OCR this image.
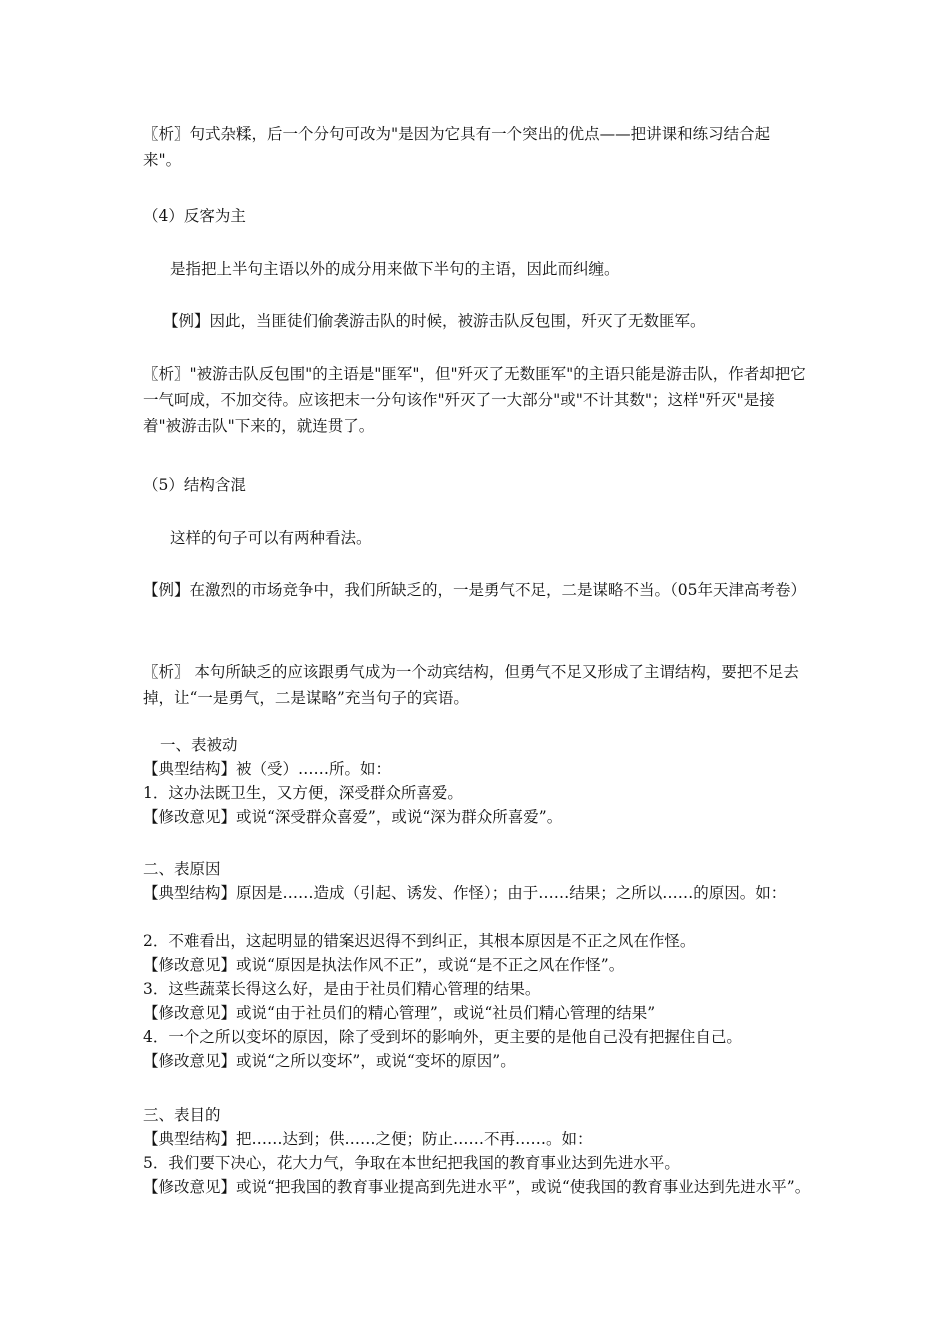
〖析〗句式杂糅，后一个分句可改为"是因为它具有一个突出的优点——把讲课和练习结合起来"。

（4）反客为主

是指把上半句主语以外的成分用来做下半句的主语，因此而纠缠。

【例】因此，当匪徒们偷袭游击队的时候，被游击队反包围，歼灭了无数匪军。

〖析〗"被游击队反包围"的主语是"匪军"，但"歼灭了无数匪军"的主语只能是游击队，作者却把它一气呵成，不加交待。应该把末一分句该作"歼灭了一大部分"或"不计其数"；这样"歼灭"是接着"被游击队"下来的，就连贯了。

（5）结构含混

这样的句子可以有两种看法。

【例】在激烈的市场竞争中，我们所缺乏的，一是勇气不足，二是谋略不当。（05年天津高考卷）

〖析〗 本句所缺乏的应该跟勇气成为一个动宾结构，但勇气不足又形成了主谓结构，要把不足去掉，让“一是勇气，二是谋略”充当句子的宾语。

一、表被动

【典型结构】被（受）……所。如：

1．这办法既卫生，又方便，深受群众所喜爱。

【修改意见】或说“深受群众喜爱”，或说“深为群众所喜爱”。

二、表原因

【典型结构】原因是……造成（引起、诱发、作怪）；由于……结果；之所以……的原因。如：

2．不难看出，这起明显的错案迟迟得不到纠正，其根本原因是不正之风在作怪。

【修改意见】或说“原因是执法作风不正”，或说“是不正之风在作怪”。

3．这些蔬菜长得这么好，是由于社员们精心管理的结果。

【修改意见】或说“由于社员们的精心管理”，或说“社员们精心管理的结果”

4．一个之所以变坏的原因，除了受到坏的影响外，更主要的是他自己没有把握住自己。

【修改意见】或说“之所以变坏”，或说“变坏的原因”。

三、表目的

【典型结构】把……达到；供……之便；防止……不再……。如：

5．我们要下决心，花大力气，争取在本世纪把我国的教育事业达到先进水平。

【修改意见】或说“把我国的教育事业提高到先进水平”，或说“使我国的教育事业达到先进水平”。
